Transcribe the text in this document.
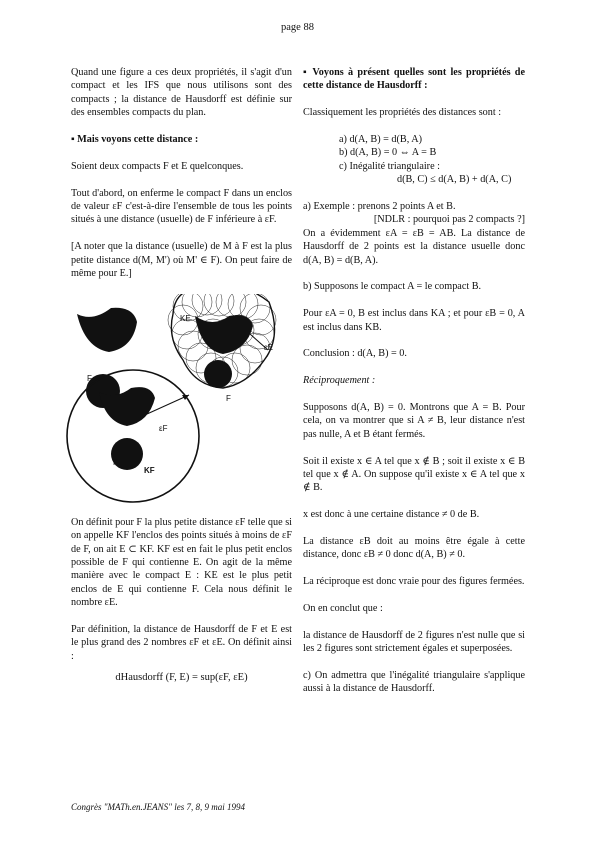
page 88

Quand une figure a ces deux propriétés, il s'agit d'un compact et les IFS que nous utilisons sont des compacts ; la distance de Hausdorff est définie sur des ensembles compacts du plan.

▪ Mais voyons cette distance :

Soient deux compacts F et E quelconques.

Tout d'abord, on enferme le compact F dans un enclos de valeur εF c'est-à-dire l'ensemble de tous les points situés à une distance (usuelle) de F inférieure à εF.

[A noter que la distance (usuelle) de M à F est la plus petite distance d(M, M') où M' ∈ F). On peut faire de même pour E.]

KE
εE
F
F
εF
F
KF

On définit pour F la plus petite distance εF telle que si on appelle KF l'enclos des points situés à moins de εF de F, on ait E ⊂ KF. KF est en fait le plus petit enclos possible de F qui contienne E. On agit de la même manière avec le compact E : KE est le plus petit enclos de E qui contienne F. Cela nous définit le nombre εE.

Par définition, la distance de Hausdorff de F et E est le plus grand des 2 nombres εF et εE. On définit ainsi :

dHausdorff (F, E) = sup(εF, εE)

▪ Voyons à présent quelles sont les propriétés de cette distance de Hausdorff :

Classiquement les propriétés des distances sont :

a) d(A, B) = d(B, A)
b) d(A, B) = 0 ⇔ A = B
c) Inégalité triangulaire :
d(B, C) ≤ d(A, B) + d(A, C)

a) Exemple : prenons 2 points A et B.

[NDLR : pourquoi pas 2 compacts ?]

On a évidemment εA = εB = AB. La distance de Hausdorff de 2 points est la distance usuelle donc d(A, B) = d(B, A).

b) Supposons le compact A = le compact B.

Pour εA = 0, B est inclus dans KA ; et pour εB = 0, A est inclus dans KB.

Conclusion : d(A, B) = 0.

Réciproquement :

Supposons d(A, B) = 0. Montrons que A = B. Pour cela, on va montrer que si A ≠ B, leur distance n'est pas nulle, A et B étant fermés.

Soit il existe x ∈ A tel que x ∉ B ; soit il existe x ∈ B tel que x ∉ A. On suppose qu'il existe x ∈ A tel que x ∉ B.

x est donc à une certaine distance ≠ 0 de B.

La distance εB doit au moins être égale à cette distance, donc εB ≠ 0 donc d(A, B) ≠ 0.

La réciproque est donc vraie pour des figures fermées.

On en conclut que :

la distance de Hausdorff de 2 figures n'est nulle que si les 2 figures sont strictement égales et superposées.

c) On admettra que l'inégalité triangulaire s'applique aussi à la distance de Hausdorff.

Congrès "MATh.en.JEANS" les 7, 8, 9 mai 1994
